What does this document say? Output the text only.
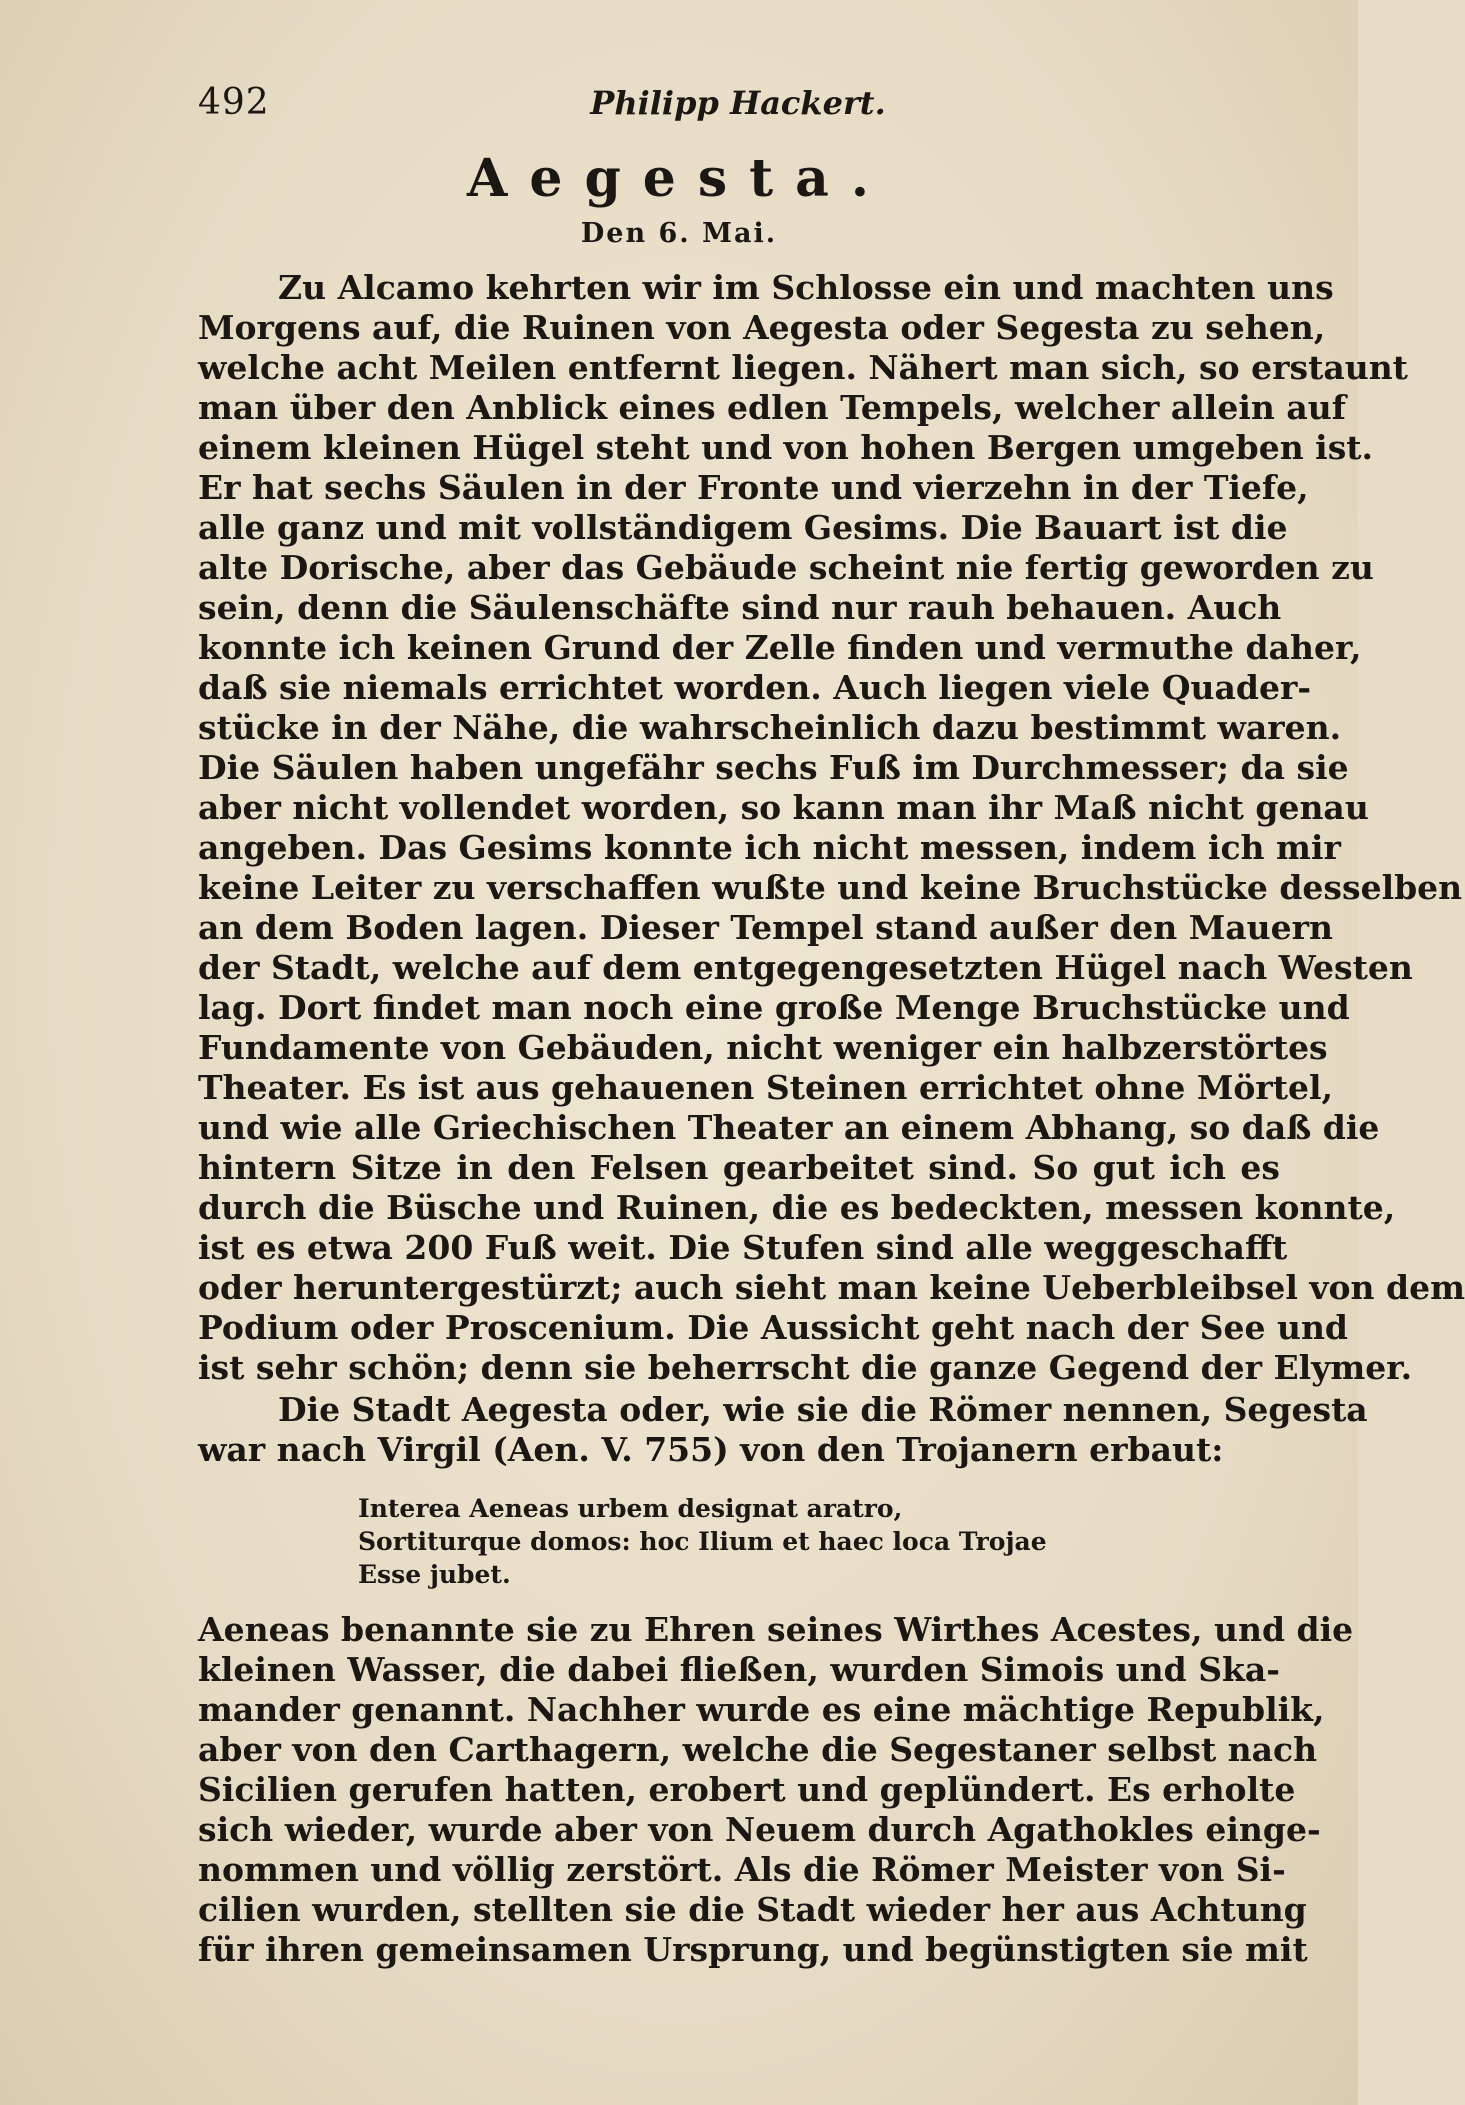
492	Philipp Hackert.
Aegesta.
Den 6. Mai.
Zu Alcamo kehrten wir im Schlosse ein und machten uns
Morgens auf, die Ruinen von Aegesta oder Segesta zu sehen,
welche acht Meilen entfernt liegen. Nähert man sich, so erstaunt
man über den Anblick eines edlen Tempels, welcher allein auf
einem kleinen Hügel steht und von hohen Bergen umgeben ist.
Er hat sechs Säulen in der Fronte und vierzehn in der Tiefe,
alle ganz und mit vollständigem Gesims. Die Bauart ist die
alte Dorische, aber das Gebäude scheint nie fertig geworden zu
sein, denn die Säulenschäfte sind nur rauh behauen. Auch
konnte ich keinen Grund der Zelle finden und vermuthe daher,
daß sie niemals errichtet worden. Auch liegen viele Quader-
stücke in der Nähe, die wahrscheinlich dazu bestimmt waren.
Die Säulen haben ungefähr sechs Fuß im Durchmesser; da sie
aber nicht vollendet worden, so kann man ihr Maß nicht genau
angeben. Das Gesims konnte ich nicht messen, indem ich mir
keine Leiter zu verschaffen wußte und keine Bruchstücke desselben
an dem Boden lagen. Dieser Tempel stand außer den Mauern
der Stadt, welche auf dem entgegengesetzten Hügel nach Westen
lag. Dort findet man noch eine große Menge Bruchstücke und
Fundamente von Gebäuden, nicht weniger ein halbzerstörtes
Theater. Es ist aus gehauenen Steinen errichtet ohne Mörtel,
und wie alle Griechischen Theater an einem Abhang, so daß die
hintern Sitze in den Felsen gearbeitet sind. So gut ich es
durch die Büsche und Ruinen, die es bedeckten, messen konnte,
ist es etwa 200 Fuß weit. Die Stufen sind alle weggeschafft
oder heruntergestürzt; auch sieht man keine Ueberbleibsel von dem
Podium oder Proscenium. Die Aussicht geht nach der See und
ist sehr schön; denn sie beherrscht die ganze Gegend der Elymer.
Die Stadt Aegesta oder, wie sie die Römer nennen, Segesta
war nach Virgil (Aen. V. 755) von den Trojanern erbaut:
Interea Aeneas urbem designat aratro,
Sortiturque domos: hoc Ilium et haec loca Trojae
Esse jubet.
Aeneas benannte sie zu Ehren seines Wirthes Acestes, und die
kleinen Wasser, die dabei fließen, wurden Simois und Ska-
mander genannt. Nachher wurde es eine mächtige Republik,
aber von den Carthagern, welche die Segestaner selbst nach
Sicilien gerufen hatten, erobert und geplündert. Es erholte
sich wieder, wurde aber von Neuem durch Agathokles einge-
nommen und völlig zerstört. Als die Römer Meister von Si-
cilien wurden, stellten sie die Stadt wieder her aus Achtung
für ihren gemeinsamen Ursprung, und begünstigten sie mit
